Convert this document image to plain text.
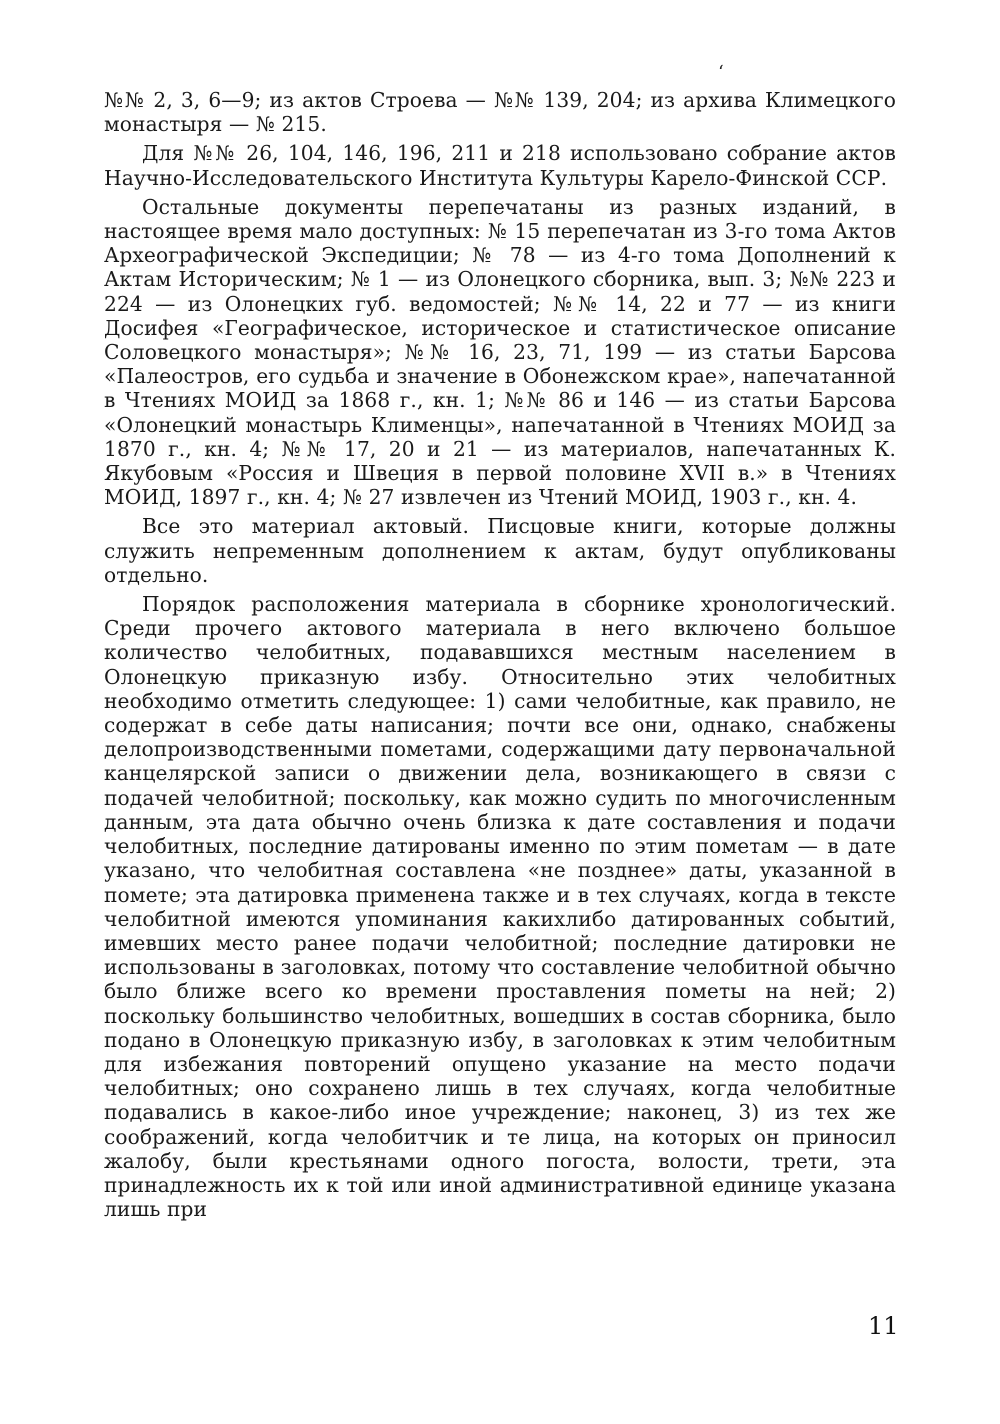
‘

№№ 2, 3, 6—9; из актов Строева — №№ 139, 204; из архива Климецкого монастыря — № 215.

Для №№ 26, 104, 146, 196, 211 и 218 использовано собрание актов Научно-Исследовательского Института Культуры Карело-Финской ССР.

Остальные документы перепечатаны из разных изданий, в настоящее время мало доступных: № 15 перепечатан из 3-го тома Актов Археографической Экспедиции; № 78 — из 4-го тома Дополнений к Актам Историческим; № 1 — из Олонецкого сборника, вып. 3; №№ 223 и 224 — из Олонецких губ. ведомостей; №№ 14, 22 и 77 — из книги Досифея «Географическое, историческое и статистическое описание Соловецкого монастыря»; №№ 16, 23, 71, 199 — из статьи Барсова «Палеостров, его судьба и значение в Обонежском крае», напечатанной в Чтениях МОИД за 1868 г., кн. 1; №№ 86 и 146 — из статьи Барсова «Олонецкий монастырь Клименцы», напечатанной в Чтениях МОИД за 1870 г., кн. 4; №№ 17, 20 и 21 — из материалов, напечатанных К. Якубовым «Россия и Швеция в первой половине XVII в.» в Чтениях МОИД, 1897 г., кн. 4; № 27 извлечен из Чтений МОИД, 1903 г., кн. 4.

Все это материал актовый. Писцовые книги, которые должны служить непременным дополнением к актам, будут опубликованы отдельно.

Порядок расположения материала в сборнике хронологический. Среди прочего актового материала в него включено большое количество челобитных, подававшихся местным населением в Олонецкую приказную избу. Относительно этих челобитных необходимо отметить следующее: 1) сами челобитные, как правило, не содержат в себе даты написания; почти все они, однако, снабжены делопроизводственными пометами, содержащими дату первоначальной канцелярской записи о движении дела, возникающего в связи с подачей челобитной; поскольку, как можно судить по многочисленным данным, эта дата обычно очень близка к дате составления и подачи челобитных, последние датированы именно по этим пометам — в дате указано, что челобитная составлена «не позднее» даты, указанной в помете; эта датировка применена также и в тех случаях, когда в тексте челобитной имеются упоминания какихлибо датированных событий, имевших место ранее подачи челобитной; последние датировки не использованы в заголовках, потому что составление челобитной обычно было ближе всего ко времени проставления пометы на ней; 2) поскольку большинство челобитных, вошедших в состав сборника, было подано в Олонецкую приказную избу, в заголовках к этим челобитным для избежания повторений опущено указание на место подачи челобитных; оно сохранено лишь в тех случаях, когда челобитные подавались в какое-либо иное учреждение; наконец, 3) из тех же соображений, когда челобитчик и те лица, на которых он приносил жалобу, были крестьянами одного погоста, волости, трети, эта принадлежность их к той или иной административной единице указана лишь при

11
